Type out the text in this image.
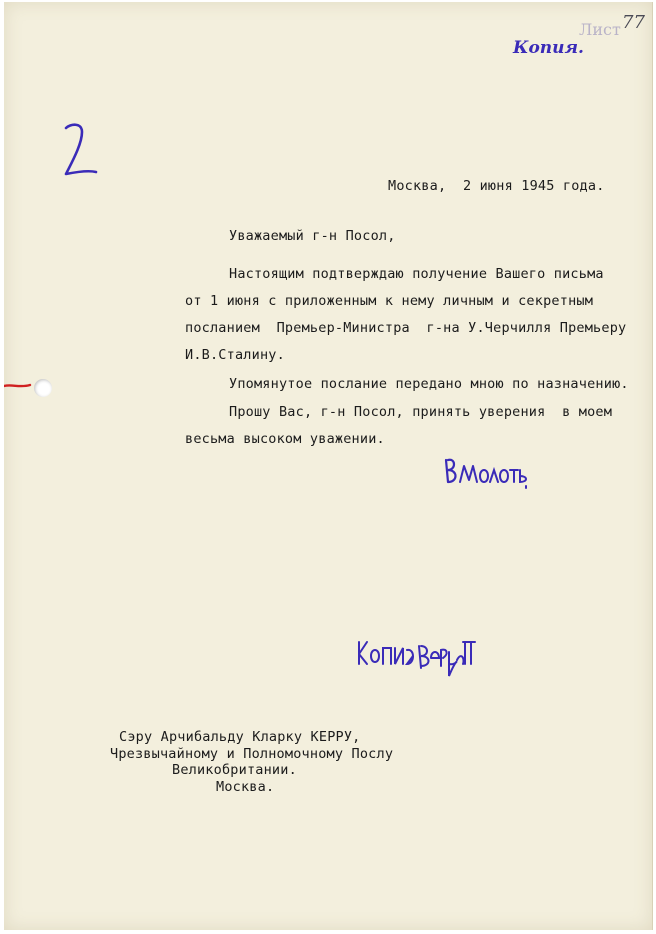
Копия.
Лист 77
Москва,  2 июня 1945 года.
Уважаемый г-н Посол,
Настоящим подтверждаю получение Вашего письма
от 1 июня с приложенным к нему личным и секретным
посланием  Премьер-Министра  г-на У.Черчилля Премьеру
И.В.Сталину.
Упомянутое послание передано мною по назначению.
Прошу Вас, г-н Посол, принять уверения  в моем
весьма высоком уважении.
Сэру Арчибальду Кларку КЕРРУ,
Чрезвычайному и Полномочному Послу
Великобритании.
Москва.
